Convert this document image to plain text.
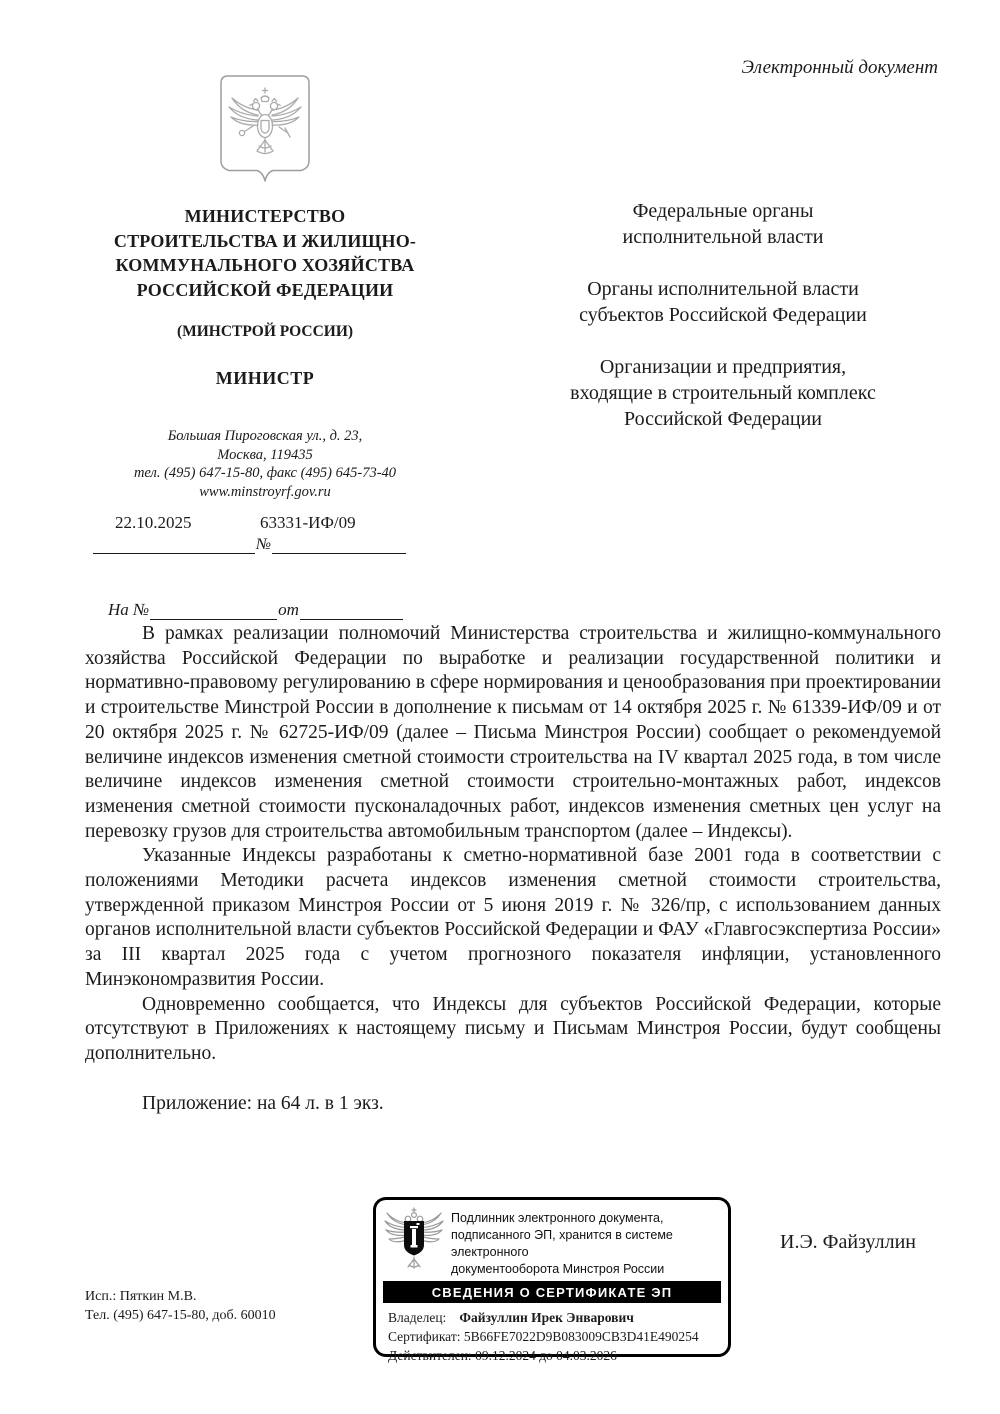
Электронный документ
МИНИСТЕРСТВО
СТРОИТЕЛЬСТВА И ЖИЛИЩНО-
КОММУНАЛЬНОГО ХОЗЯЙСТВА
РОССИЙСКОЙ ФЕДЕРАЦИИ
(МИНСТРОЙ РОССИИ)
МИНИСТР
Большая Пироговская ул., д. 23,
Москва, 119435
тел. (495) 647-15-80, факс (495) 645-73-40
www.minstroyrf.gov.ru
22.10.2025	63331-ИФ/09
№
На №	от
Федеральные органы
исполнительной власти
Органы исполнительной власти
субъектов Российской Федерации
Организации и предприятия,
входящие в строительный комплекс
Российской Федерации

В рамках реализации полномочий Министерства строительства и жилищно-коммунального хозяйства Российской Федерации по выработке и реализации государственной политики и нормативно-правовому регулированию в сфере нормирования и ценообразования при проектировании и строительстве Минстрой России в дополнение к письмам от 14 октября 2025 г. № 61339-ИФ/09 и от 20 октября 2025 г. № 62725-ИФ/09 (далее – Письма Минстроя России) сообщает о рекомендуемой величине индексов изменения сметной стоимости строительства на IV квартал 2025 года, в том числе величине индексов изменения сметной стоимости строительно-монтажных работ, индексов изменения сметной стоимости пусконаладочных работ, индексов изменения сметных цен услуг на перевозку грузов для строительства автомобильным транспортом (далее – Индексы).

Указанные Индексы разработаны к сметно-нормативной базе 2001 года в соответствии с положениями Методики расчета индексов изменения сметной стоимости строительства, утвержденной приказом Минстроя России от 5 июня 2019 г. № 326/пр, с использованием данных органов исполнительной власти субъектов Российской Федерации и ФАУ «Главгосэкспертиза России» за III квартал 2025 года с учетом прогнозного показателя инфляции, установленного Минэкономразвития России.

Одновременно сообщается, что Индексы для субъектов Российской Федерации, которые отсутствуют в Приложениях к настоящему письму и Письмам Минстроя России, будут сообщены дополнительно.

Приложение: на 64 л. в 1 экз.

И.Э. Файзуллин
Подлинник электронного документа,
подписанного ЭП, хранится в системе электронного
документооборота Минстроя России
СВЕДЕНИЯ О СЕРТИФИКАТЕ ЭП
Владелец: Файзуллин Ирек Энварович
Сертификат: 5B66FE7022D9B083009CB3D41E490254
Действителен: 09.12.2024 до 04.03.2026
Исп.: Пяткин М.В.
Тел. (495) 647-15-80, доб. 60010
